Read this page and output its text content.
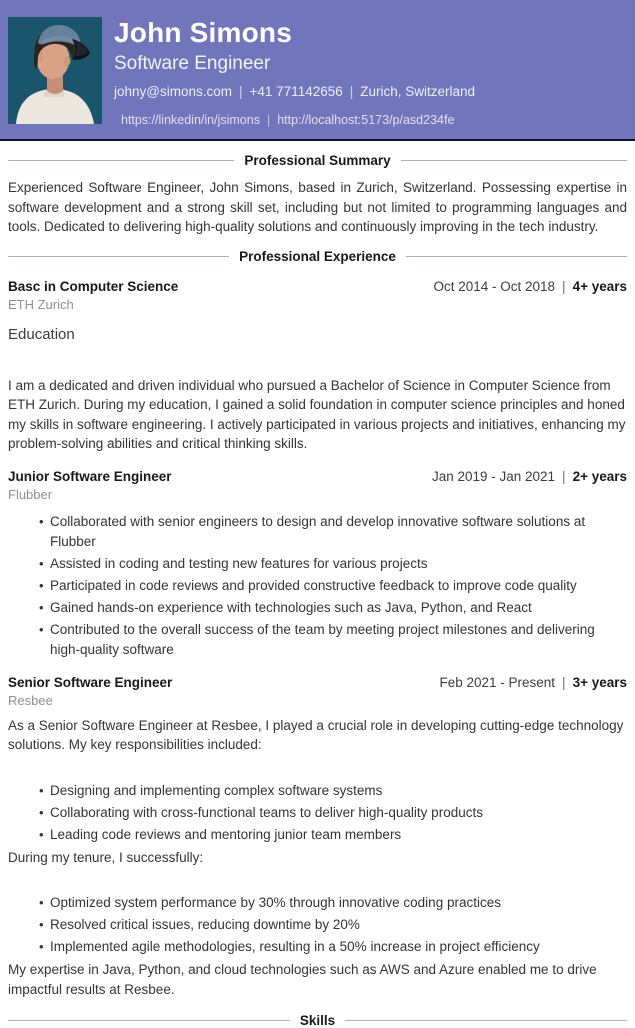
John Simons
Software Engineer
johny@simons.com | +41 771142656 | Zurich, Switzerland
https://linkedin/in/jsimons | http://localhost:5173/p/asd234fe
Professional Summary

Experienced Software Engineer, John Simons, based in Zurich, Switzerland. Possessing expertise in software development and a strong skill set, including but not limited to programming languages and tools. Dedicated to delivering high-quality solutions and continuously improving in the tech industry.

Professional Experience
Basc in Computer Science	Oct 2014 - Oct 2018 | 4+ years
ETH Zurich
Education

I am a dedicated and driven individual who pursued a Bachelor of Science in Computer Science from ETH Zurich. During my education, I gained a solid foundation in computer science principles and honed my skills in software engineering. I actively participated in various projects and initiatives, enhancing my problem-solving abilities and critical thinking skills.

Junior Software Engineer	Jan 2019 - Jan 2021 | 2+ years
Flubber
• Collaborated with senior engineers to design and develop innovative software solutions at Flubber
• Assisted in coding and testing new features for various projects
• Participated in code reviews and provided constructive feedback to improve code quality
• Gained hands-on experience with technologies such as Java, Python, and React
• Contributed to the overall success of the team by meeting project milestones and delivering high-quality software
Senior Software Engineer	Feb 2021 - Present | 3+ years
Resbee

As a Senior Software Engineer at Resbee, I played a crucial role in developing cutting-edge technology solutions. My key responsibilities included:

• Designing and implementing complex software systems
• Collaborating with cross-functional teams to deliver high-quality products
• Leading code reviews and mentoring junior team members

During my tenure, I successfully:

• Optimized system performance by 30% through innovative coding practices
• Resolved critical issues, reducing downtime by 20%
• Implemented agile methodologies, resulting in a 50% increase in project efficiency

My expertise in Java, Python, and cloud technologies such as AWS and Azure enabled me to drive impactful results at Resbee.

Skills
